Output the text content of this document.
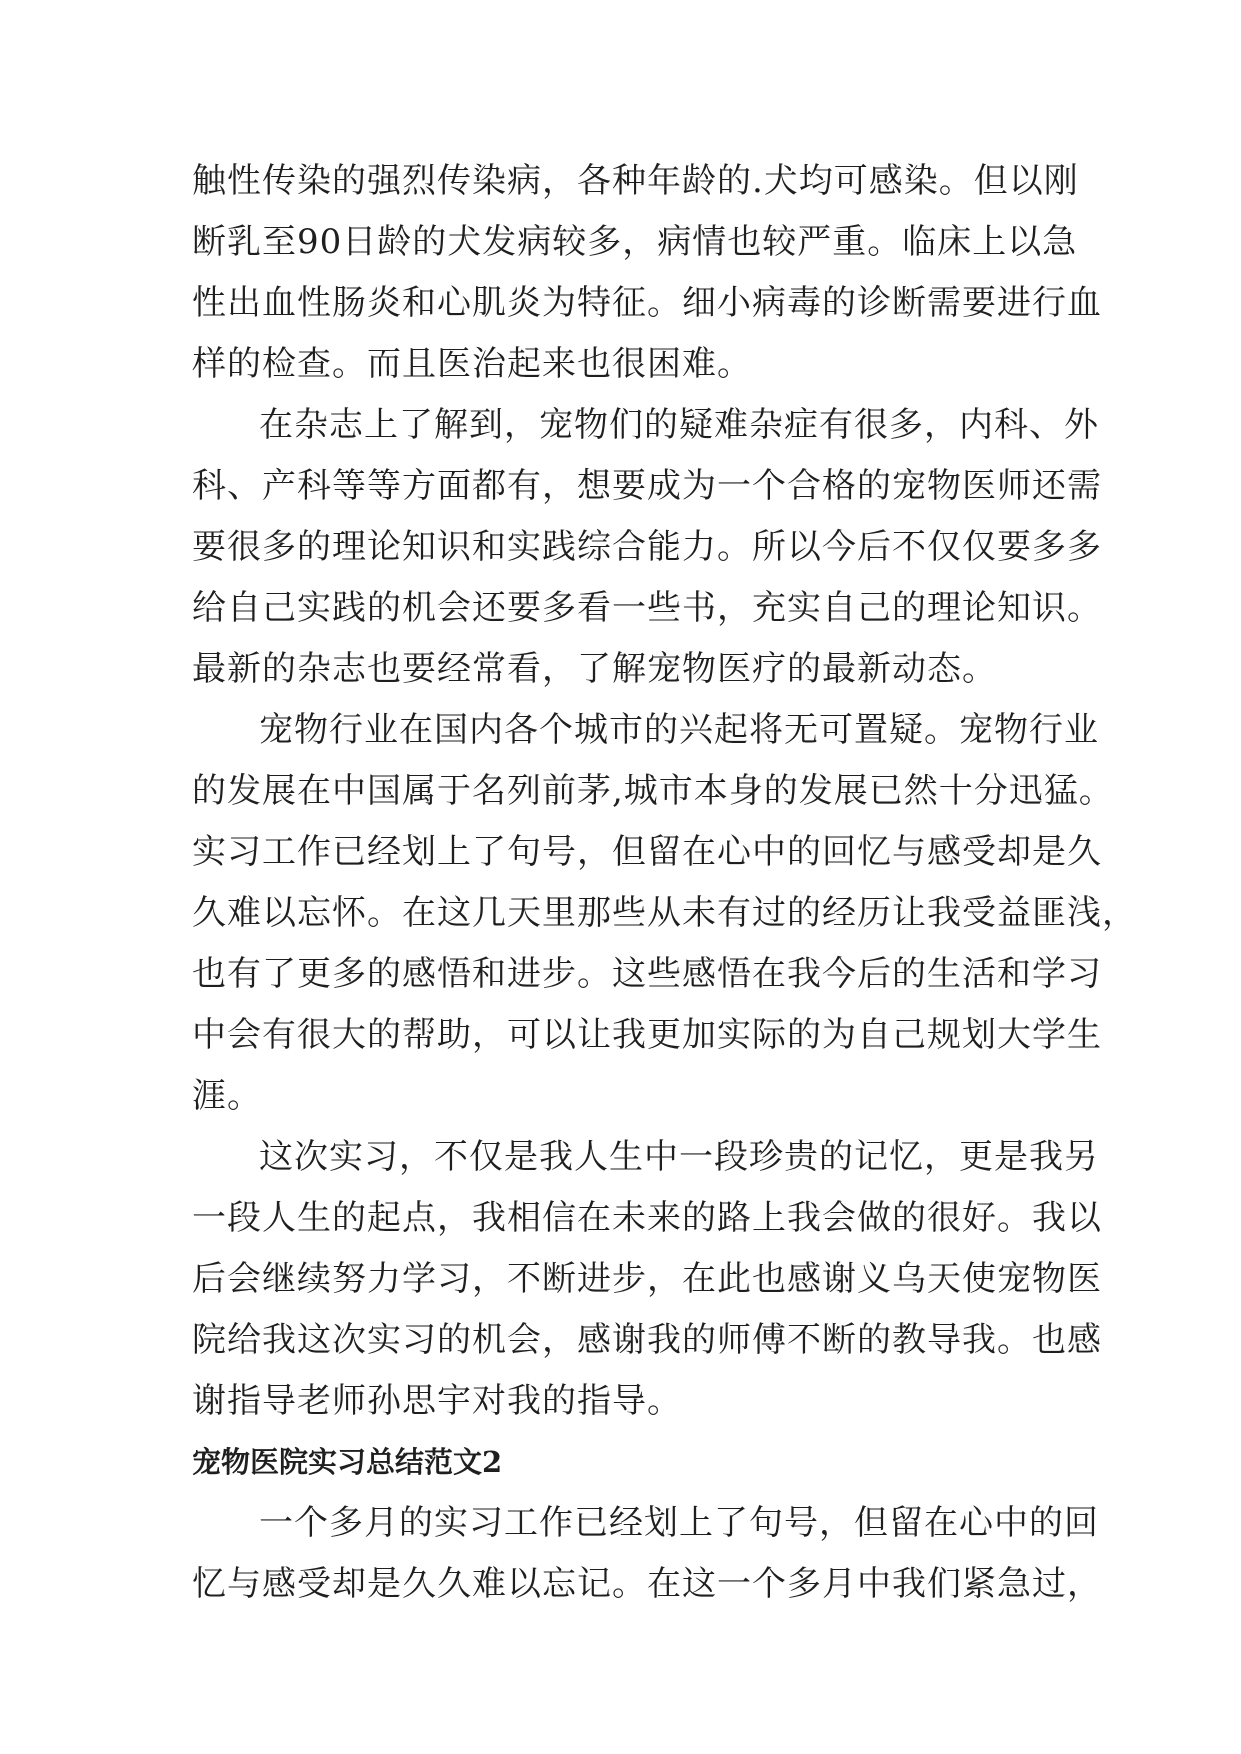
触性传染的强烈传染病，各种年龄的.犬均可感染。但以刚

断乳至90日龄的犬发病较多，病情也较严重。临床上以急

性出血性肠炎和心肌炎为特征。细小病毒的诊断需要进行血

样的检查。而且医治起来也很困难。

在杂志上了解到，宠物们的疑难杂症有很多，内科、外

科、产科等等方面都有，想要成为一个合格的宠物医师还需

要很多的理论知识和实践综合能力。所以今后不仅仅要多多

给自己实践的机会还要多看一些书，充实自己的理论知识。

最新的杂志也要经常看，了解宠物医疗的最新动态。

宠物行业在国内各个城市的兴起将无可置疑。宠物行业

的发展在中国属于名列前茅,城市本身的发展已然十分迅猛。

实习工作已经划上了句号，但留在心中的回忆与感受却是久

久难以忘怀。在这几天里那些从未有过的经历让我受益匪浅，

也有了更多的感悟和进步。这些感悟在我今后的生活和学习

中会有很大的帮助，可以让我更加实际的为自己规划大学生

涯。

这次实习，不仅是我人生中一段珍贵的记忆，更是我另

一段人生的起点，我相信在未来的路上我会做的很好。我以

后会继续努力学习，不断进步，在此也感谢义乌天使宠物医

院给我这次实习的机会，感谢我的师傅不断的教导我。也感

宠物医院实习总结范文2

一个多月的实习工作已经划上了句号，但留在心中的回

忆与感受却是久久难以忘记。在这一个多月中我们紧急过，

谢指导老师孙思宇对我的指导。
